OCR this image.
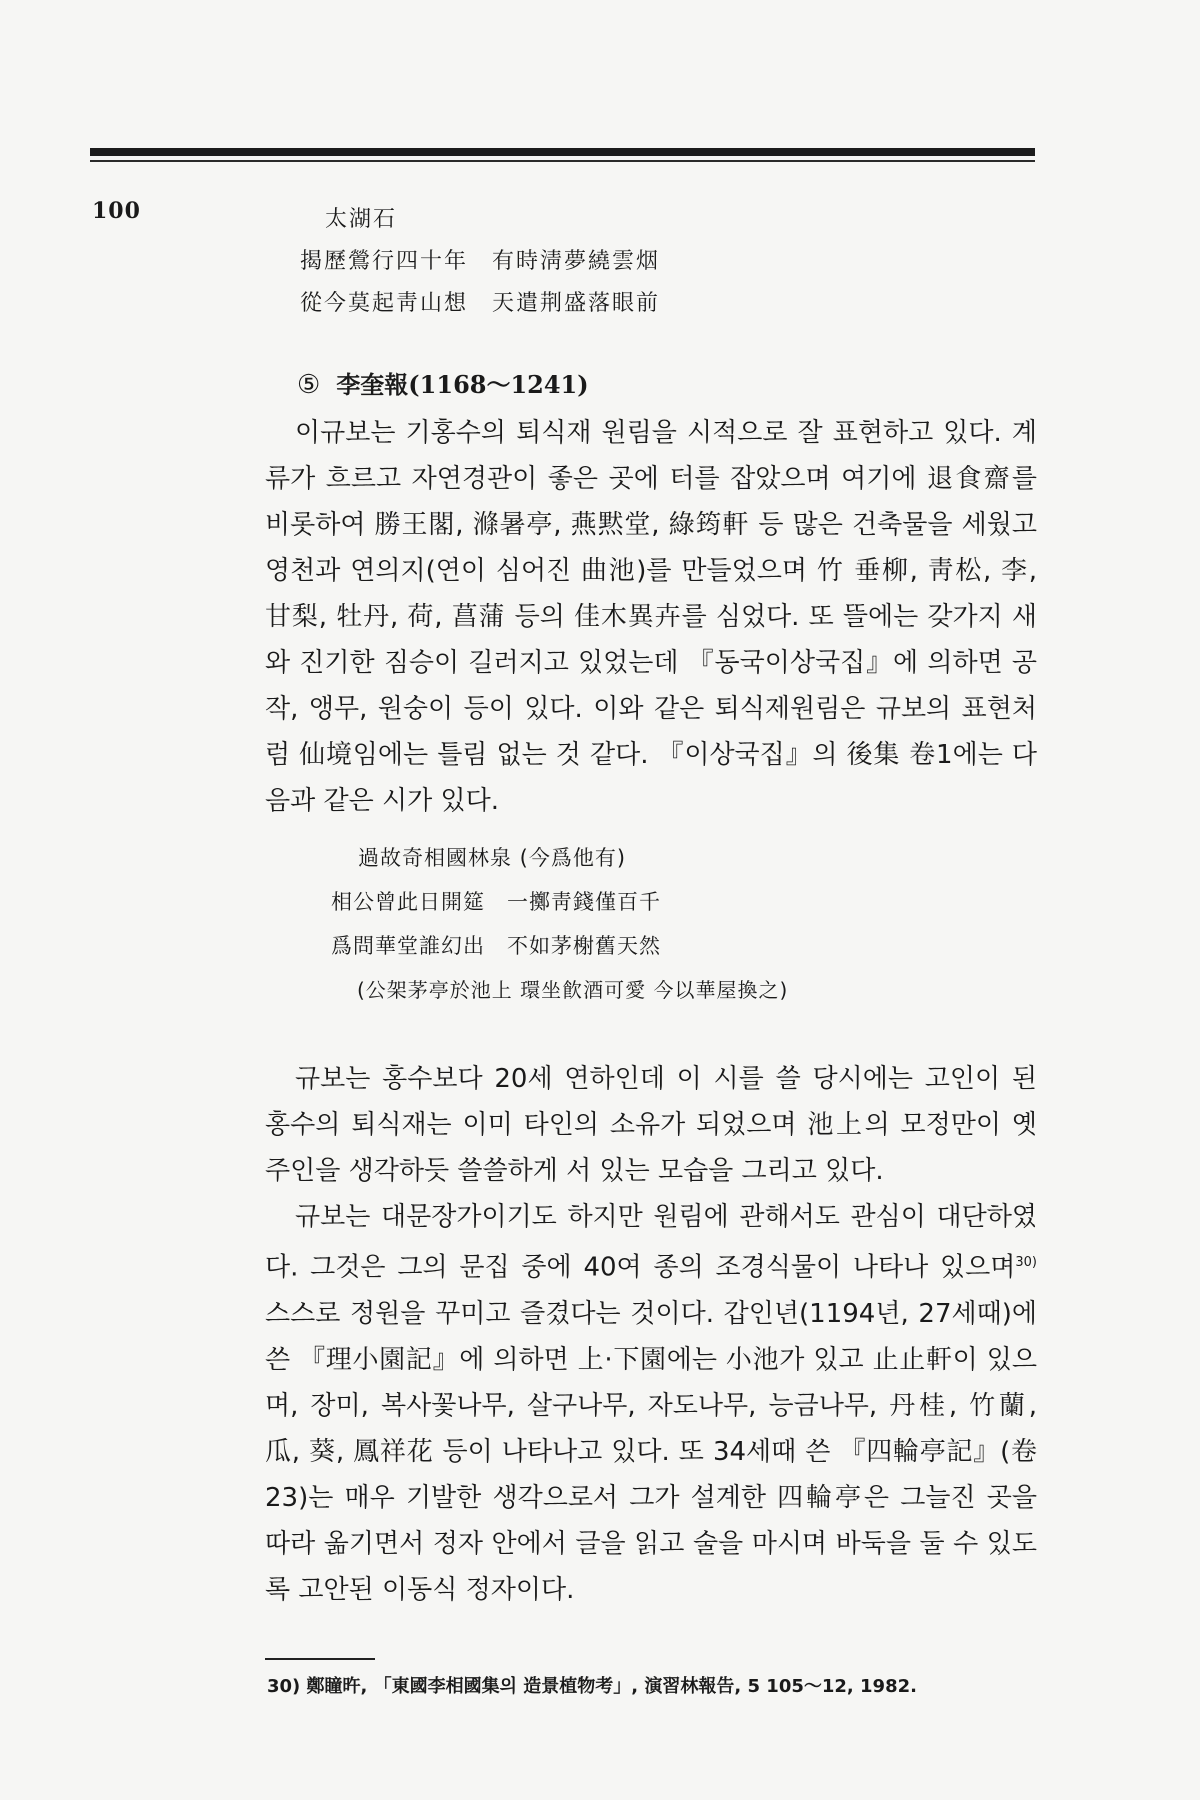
100	太湖石
揭歷鶯行四十年　有時淸夢繞雲烟
從今莫起靑山想　天遣荆盛落眼前
⑤ 李奎報(1168～1241)

이규보는 기홍수의 퇴식재 원림을 시적으로 잘 표현하고 있다. 계류가 흐르고 자연경관이 좋은 곳에 터를 잡았으며 여기에 退食齋를 비롯하여 勝王閣, 滌暑亭, 燕黙堂, 綠筠軒 등 많은 건축물을 세웠고 영천과 연의지(연이 심어진 曲池)를 만들었으며 竹 垂柳, 靑松, 李, 甘梨, 牡丹, 荷, 菖蒲 등의 佳木異卉를 심었다. 또 뜰에는 갖가지 새와 진기한 짐승이 길러지고 있었는데 『동국이상국집』에 의하면 공작, 앵무, 원숭이 등이 있다. 이와 같은 퇴식제원림은 규보의 표현처럼 仙境임에는 틀림 없는 것 같다. 『이상국집』의 後集 卷1에는 다음과 같은 시가 있다.

過故奇相國林泉 (今爲他有)
相公曾此日開筵　一擲靑錢僅百千
爲問華堂誰幻出　不如茅榭舊天然
(公架茅亭於池上 環坐飮酒可愛 今以華屋換之)

규보는 홍수보다 20세 연하인데 이 시를 쓸 당시에는 고인이 된 홍수의 퇴식재는 이미 타인의 소유가 되었으며 池上의 모정만이 옛 주인을 생각하듯 쓸쓸하게 서 있는 모습을 그리고 있다.

규보는 대문장가이기도 하지만 원림에 관해서도 관심이 대단하였다. 그것은 그의 문집 중에 40여 종의 조경식물이 나타나 있으며$^{30)}$ 스스로 정원을 꾸미고 즐겼다는 것이다. 갑인년(1194년, 27세때)에 쓴 『理小園記』에 의하면 上·下園에는 小池가 있고 止止軒이 있으며, 장미, 복사꽃나무, 살구나무, 자도나무, 능금나무, 丹桂, 竹蘭, 瓜, 葵, 鳳祥花 등이 나타나고 있다. 또 34세때 쓴 『四輪亭記』(卷 23)는 매우 기발한 생각으로서 그가 설계한 四輪亭은 그늘진 곳을 따라 옮기면서 정자 안에서 글을 읽고 술을 마시며 바둑을 둘 수 있도록 고안된 이동식 정자이다.

30) 鄭瞳旿, 「東國李相國集의 造景植物考」, 演習林報告, 5 105～12, 1982.
